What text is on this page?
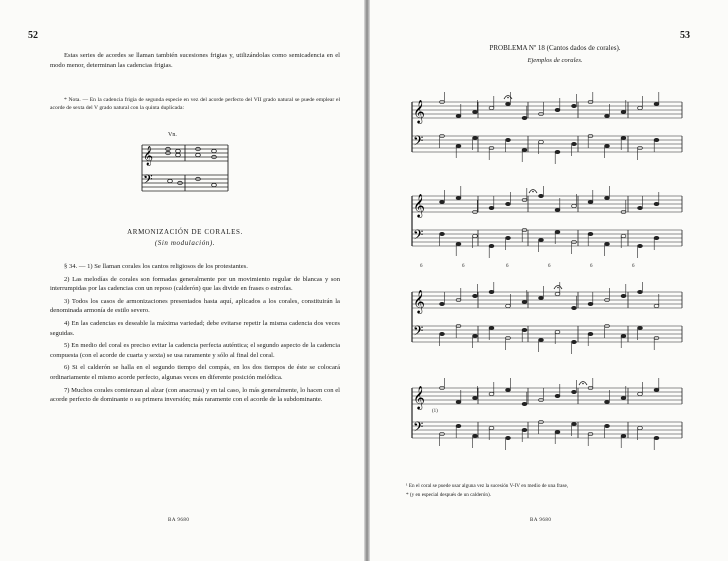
52

Estas series de acordes se llaman también sucesiones frigias y, utilizándolas como semicadencia en el modo menor, determinan las cadencias frigias.

* Nota. — En la cadencia frigia de segunda especie en vez del acorde perfecto del VII grado natural se puede emplear el acorde de sexta del V grado natural con la quinta duplicada:

Vn.
𝄞
𝄢
ARMONIZACIÓN DE CORALES.
(Sin modulación).

§ 34. — 1) Se llaman corales los cantos religiosos de los protestantes.

2) Las melodías de corales son formadas generalmente por un movimiento regular de blancas y son interrumpidas por las cadencias con un reposo (calderón) que las divide en frases o estrofas.

3) Todos los casos de armonizaciones presentados hasta aquí, aplicados a los corales, constituirán la denominada armonía de estilo severo.

4) En las cadencias es deseable la máxima variedad; debe evitarse repetir la misma cadencia dos veces seguidas.

5) En medio del coral es preciso evitar la cadencia perfecta auténtica; el segundo aspecto de la cadencia compuesta (con el acorde de cuarta y sexta) se usa raramente y sólo al final del coral.

6) Si el calderón se halla en el segundo tiempo del compás, en los dos tiempos de éste se colocará ordinariamente el mismo acorde perfecto, algunas veces en diferente posición melódica.

7) Muchos corales comienzan al alzar (con anacrusa) y en tal caso, lo más generalmente, lo hacen con el acorde perfecto de dominante o su primera inversión; más raramente con el acorde de la subdominante.

BA 9680
53
PROBLEMA Nº 18 (Cantos dados de corales).
Ejemplos de corales.
𝄞
𝄢
𝄞
𝄢
𝄞
𝄢
𝄞
𝄢
(1)
6	6	6	6	6	6
¹ En el coral se puede usar alguna vez la sucesión V-IV en medio de una frase,
* (y en especial después de un calderón).
BA 9680
